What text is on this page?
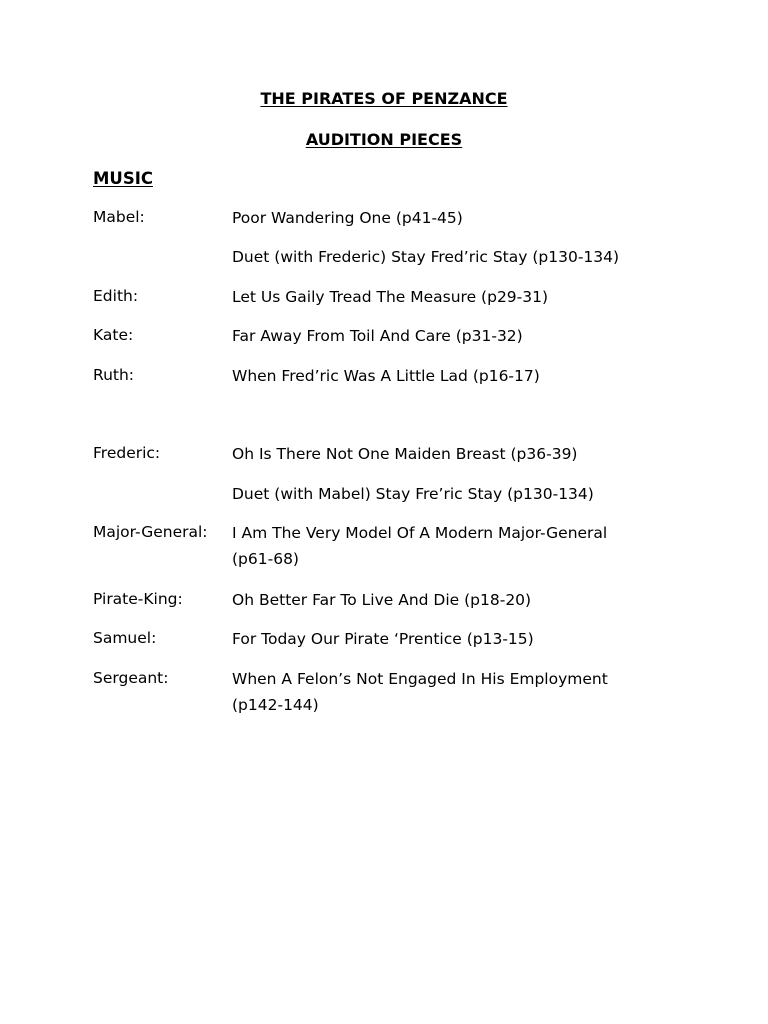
THE PIRATES OF PENZANCE
AUDITION PIECES
MUSIC
Mabel:	Poor Wandering One (p41-45)
Duet (with Frederic) Stay Fred’ric Stay (p130-134)
Edith:	Let Us Gaily Tread The Measure (p29-31)
Kate:	Far Away From Toil And Care (p31-32)
Ruth:	When Fred’ric Was A Little Lad (p16-17)
Frederic:	Oh Is There Not One Maiden Breast (p36-39)
Duet (with Mabel) Stay Fre’ric Stay (p130-134)
Major-General: I Am The Very Model Of A Modern Major-General
(p61-68)
Pirate-King:	Oh Better Far To Live And Die (p18-20)
Samuel:	For Today Our Pirate ‘Prentice (p13-15)
Sergeant:	When A Felon’s Not Engaged In His Employment
(p142-144)
